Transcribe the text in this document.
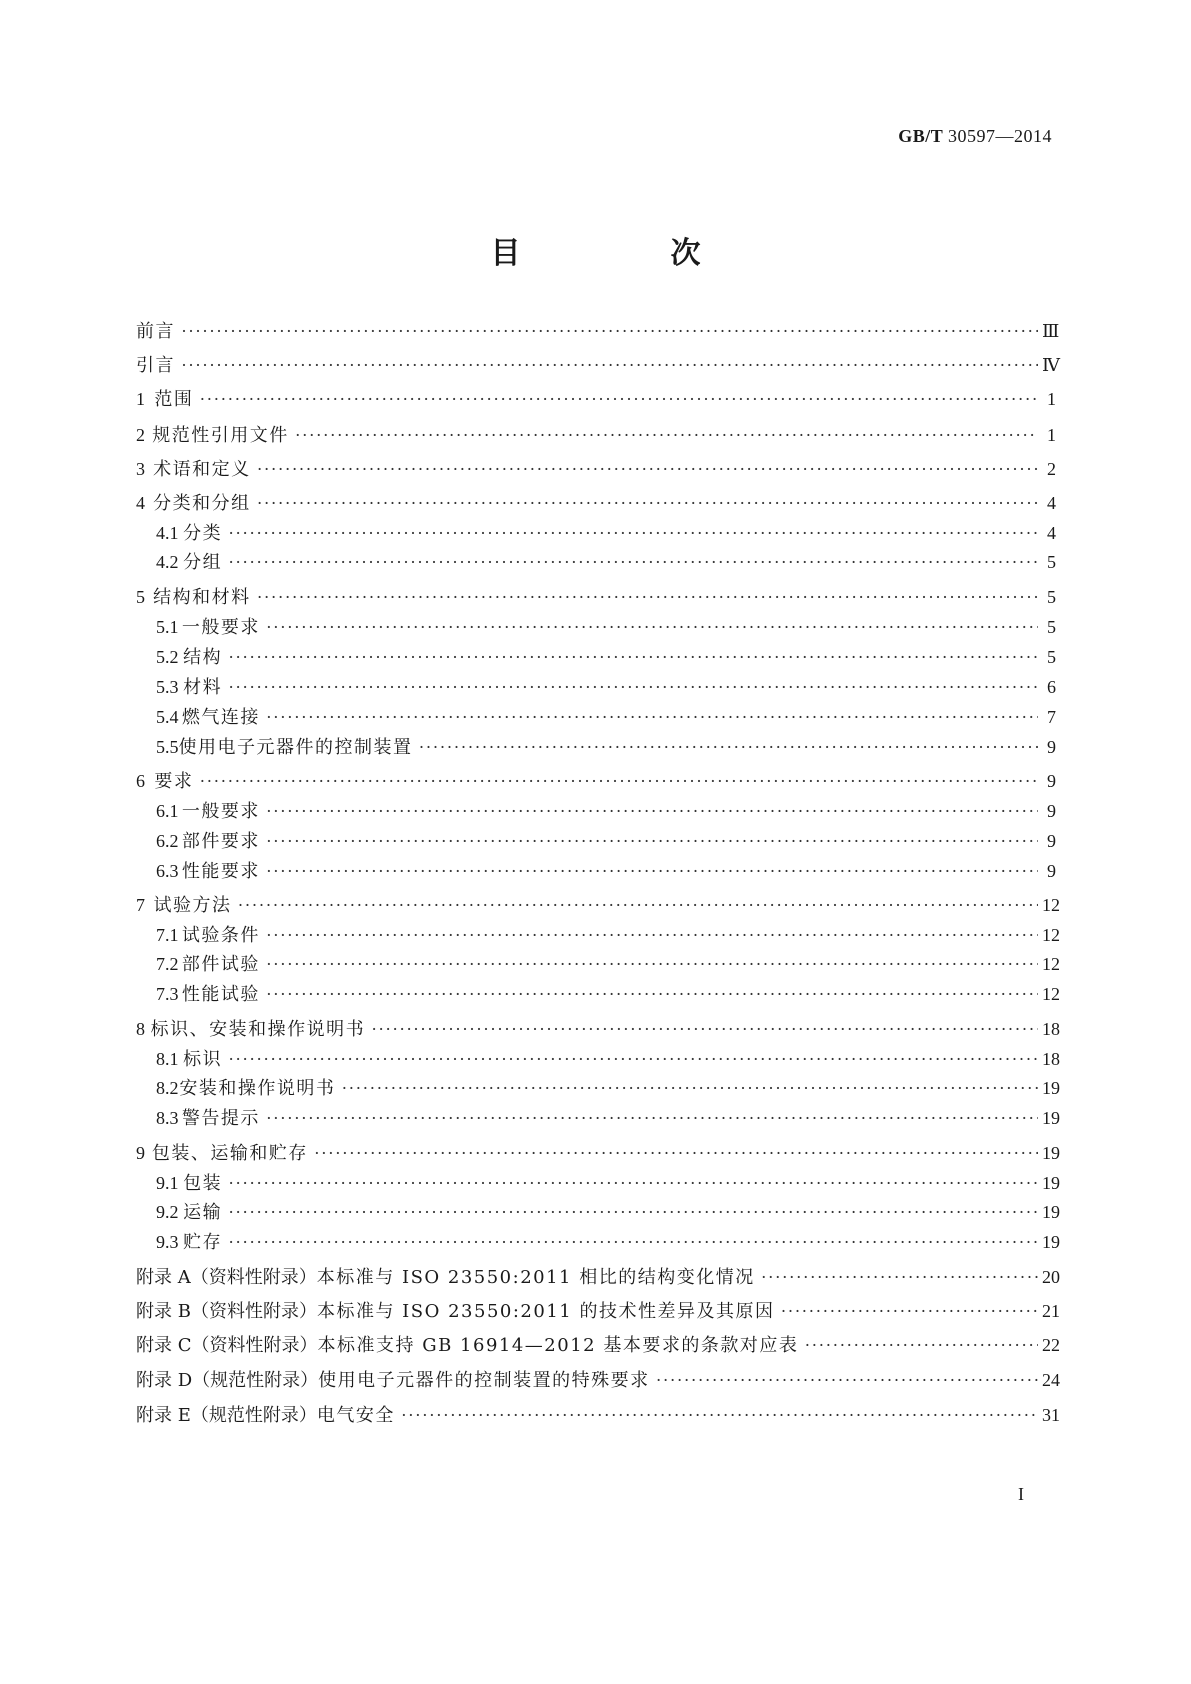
GB/T 30597—2014
目　次
前言 ·····	Ⅲ
引言 ·····	Ⅳ
1 范围 ·····	1
2 规范性引用文件 ·····	1
3 术语和定义 ·····	2
4 分类和分组 ·····	4
4.1 分类 ·····	4
4.2 分组 ·····	5
5 结构和材料 ·····	5
5.1 一般要求 ·····	5
5.2 结构 ·····	5
5.3 材料 ·····	6
5.4 燃气连接 ·····	7
5.5 使用电子元器件的控制装置 ·····	9
6 要求 ·····	9
6.1 一般要求 ·····	9
6.2 部件要求 ·····	9
6.3 性能要求 ·····	9
7 试验方法 ·····	12
7.1 试验条件 ·····	12
7.2 部件试验 ·····	12
7.3 性能试验 ·····	12
8 标识、安装和操作说明书 ·····	18
8.1 标识 ·····	18
8.2 安装和操作说明书 ·····	19
8.3 警告提示 ·····	19
9 包装、运输和贮存 ·····	19
9.1 包装 ·····	19
9.2 运输 ·····	19
9.3 贮存 ·····	19
附录 A（资料性附录） 本标准与 ISO 23550:2011 相比的结构变化情况 ·····	20
附录 B（资料性附录） 本标准与 ISO 23550:2011 的技术性差异及其原因 ·····	21
附录 C（资料性附录） 本标准支持 GB 16914—2012 基本要求的条款对应表 ·····	22
附录 D（规范性附录） 使用电子元器件的控制装置的特殊要求 ·····	24
附录 E（规范性附录） 电气安全 ·····	31
I
